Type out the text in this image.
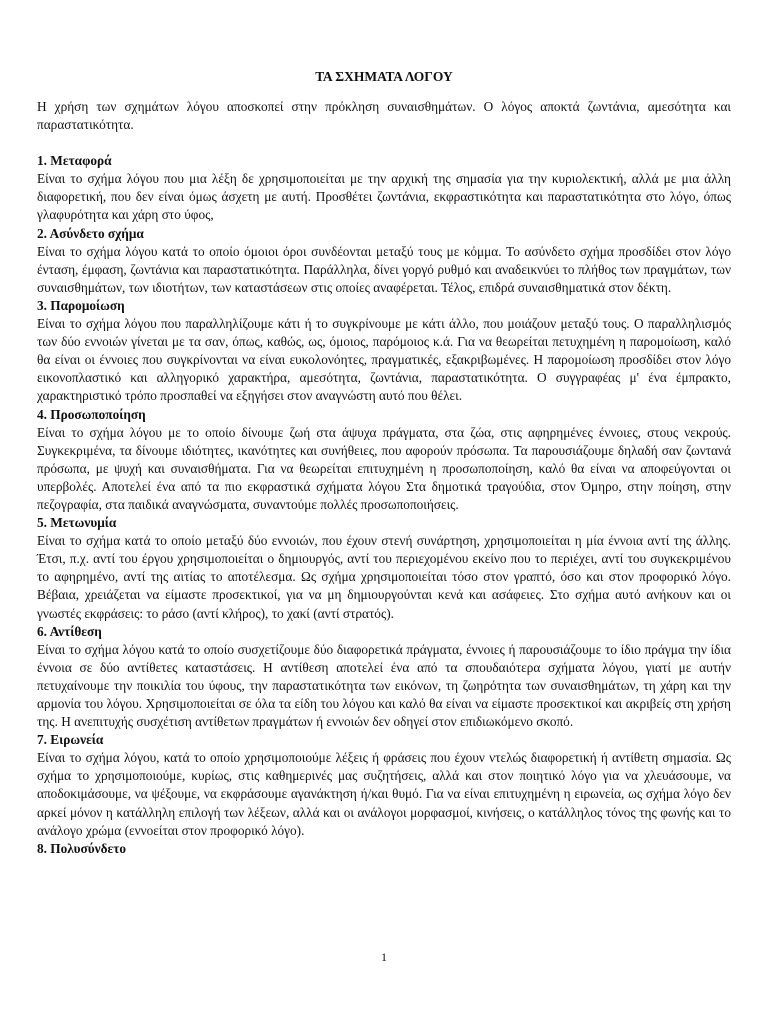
ΤΑ ΣΧΗΜΑΤΑ ΛΟΓΟΥ

Η χρήση των σχημάτων λόγου αποσκοπεί στην πρόκληση συναισθημάτων. Ο λόγος αποκτά ζωντάνια, αμεσότητα και παραστατικότητα.

1. Μεταφορά

Είναι το σχήμα λόγου που μια λέξη δε χρησιμοποιείται με την αρχική της σημασία για την κυριολεκτική, αλλά με μια άλλη διαφορετική, που δεν είναι όμως άσχετη με αυτή. Προσθέτει ζωντάνια, εκφραστικότητα και παραστατικότητα στο λόγο, όπως γλαφυρότητα και χάρη στο ύφος,

2. Ασύνδετο σχήμα

Είναι το σχήμα λόγου κατά το οποίο όμοιοι όροι συνδέονται μεταξύ τους με κόμμα. Το ασύνδετο σχήμα προσδίδει στον λόγο ένταση, έμφαση, ζωντάνια και παραστατικότητα. Παράλληλα, δίνει γοργό ρυθμό και αναδεικνύει το πλήθος των πραγμάτων, των συναισθημάτων, των ιδιοτήτων, των καταστάσεων στις οποίες αναφέρεται. Τέλος, επιδρά συναισθηματικά στον δέκτη.

3. Παρομοίωση

Είναι το σχήμα λόγου που παραλληλίζουμε κάτι ή το συγκρίνουμε με κάτι άλλο, που μοιάζουν μεταξύ τους. Ο παραλληλισμός των δύο εννοιών γίνεται με τα σαν, όπως, καθώς, ως, όμοιος, παρόμοιος κ.ά. Για να θεωρείται πετυχημένη η παρομοίωση, καλό θα είναι οι έννοιες που συγκρίνονται να είναι ευκολονόητες, πραγματικές, εξακριβωμένες. Η παρομοίωση προσδίδει στον λόγο εικονοπλαστικό και αλληγορικό χαρακτήρα, αμεσότητα, ζωντάνια, παραστατικότητα. Ο συγγραφέας μ' ένα έμπρακτο, χαρακτηριστικό τρόπο προσπαθεί να εξηγήσει στον αναγνώστη αυτό που θέλει.

4. Προσωποποίηση

Είναι το σχήμα λόγου με το οποίο δίνουμε ζωή στα άψυχα πράγματα, στα ζώα, στις αφηρημένες έννοιες, στους νεκρούς. Συγκεκριμένα, τα δίνουμε ιδιότητες, ικανότητες και συνήθειες, που αφορούν πρόσωπα. Τα παρουσιάζουμε δηλαδή σαν ζωντανά πρόσωπα, με ψυχή και συναισθήματα. Για να θεωρείται επιτυχημένη η προσωποποίηση, καλό θα είναι να αποφεύγονται οι υπερβολές. Αποτελεί ένα από τα πιο εκφραστικά σχήματα λόγου Στα δημοτικά τραγούδια, στον Όμηρο, στην ποίηση, στην πεζογραφία, στα παιδικά αναγνώσματα, συναντούμε πολλές προσωποποιήσεις.

5. Μετωνυμία

Είναι το σχήμα κατά το οποίο μεταξύ δύο εννοιών, που έχουν στενή συνάρτηση, χρησιμοποιείται η μία έννοια αντί της άλλης. Έτσι, π.χ. αντί του έργου χρησιμοποιείται ο δημιουργός, αντί του περιεχομένου εκείνο που το περιέχει, αντί του συγκεκριμένου το αφηρημένο, αντί της αιτίας το αποτέλεσμα. Ως σχήμα χρησιμοποιείται τόσο στον γραπτό, όσο και στον προφορικό λόγο. Βέβαια, χρειάζεται να είμαστε προσεκτικοί, για να μη δημιουργούνται κενά και ασάφειες. Στο σχήμα αυτό ανήκουν και οι γνωστές εκφράσεις: το ράσο (αντί κλήρος), το χακί (αντί στρατός).

6. Αντίθεση

Είναι το σχήμα λόγου κατά το οποίο συσχετίζουμε δύο διαφορετικά πράγματα, έννοιες ή παρουσιάζουμε το ίδιο πράγμα την ίδια έννοια σε δύο αντίθετες καταστάσεις. Η αντίθεση αποτελεί ένα από τα σπουδαιότερα σχήματα λόγου, γιατί με αυτήν πετυχαίνουμε την ποικιλία του ύφους, την παραστατικότητα των εικόνων, τη ζωηρότητα των συναισθημάτων, τη χάρη και την αρμονία του λόγου. Χρησιμοποιείται σε όλα τα είδη του λόγου και καλό θα είναι να είμαστε προσεκτικοί και ακριβείς στη χρήση της. Η ανεπιτυχής συσχέτιση αντίθετων πραγμάτων ή εννοιών δεν οδηγεί στον επιδιωκόμενο σκοπό.

7. Ειρωνεία

Είναι το σχήμα λόγου, κατά το οποίο χρησιμοποιούμε λέξεις ή φράσεις που έχουν ντελώς διαφορετική ή αντίθετη σημασία. Ως σχήμα το χρησιμοποιούμε, κυρίως, στις καθημερινές μας συζητήσεις, αλλά και στον ποιητικό λόγο για να χλευάσουμε, να αποδοκιμάσουμε, να ψέξουμε, να εκφράσουμε αγανάκτηση ή/και θυμό. Για να είναι επιτυχημένη η ειρωνεία, ως σχήμα λόγο δεν αρκεί μόνον η κατάλληλη επιλογή των λέξεων, αλλά και οι ανάλογοι μορφασμοί, κινήσεις, ο κατάλληλος τόνος της φωνής και το ανάλογο χρώμα (εννοείται στον προφορικό λόγο).

8. Πολυσύνδετο

1
